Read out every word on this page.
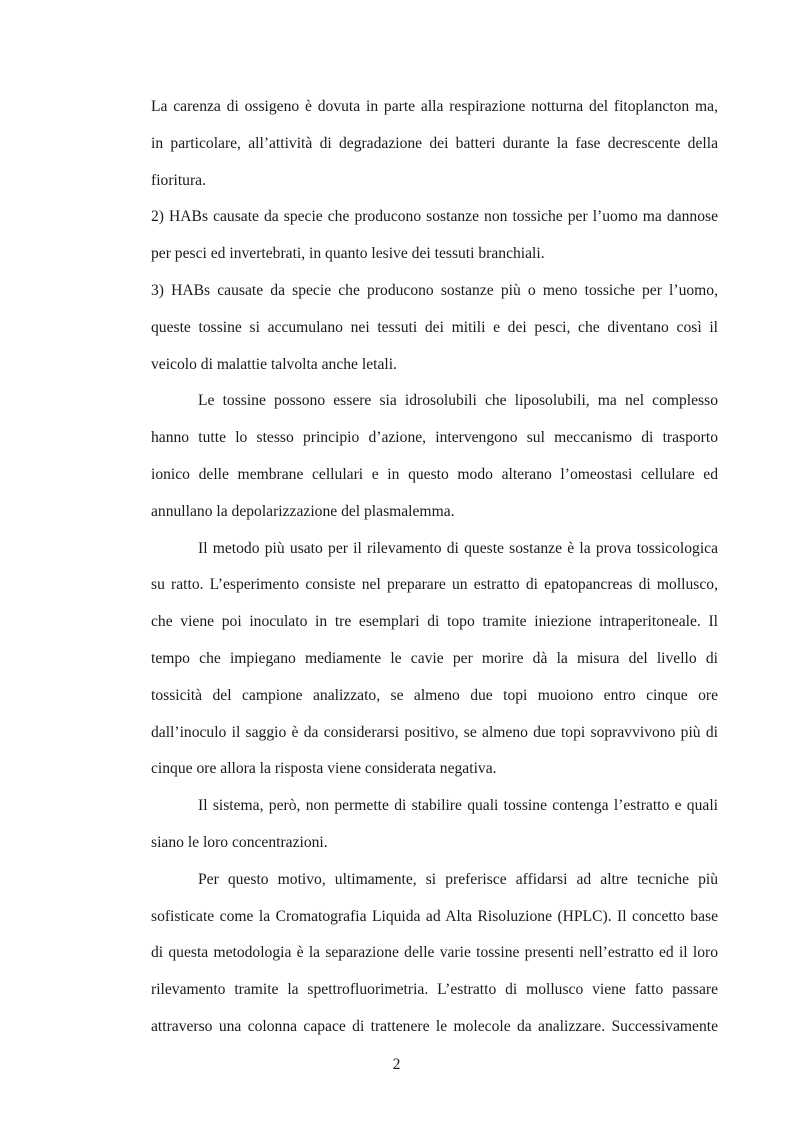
La carenza di ossigeno è dovuta in parte alla respirazione notturna del fitoplancton ma,
in particolare, all’attività di degradazione dei batteri durante la fase decrescente della
fioritura.
2) HABs causate da specie che producono sostanze non tossiche per l’uomo ma dannose
per pesci ed invertebrati, in quanto lesive dei tessuti branchiali.
3) HABs causate da specie che producono sostanze più o meno tossiche per l’uomo,
queste tossine si accumulano nei tessuti dei mitili e dei pesci, che diventano così il
veicolo di malattie talvolta anche letali.
Le tossine possono essere sia idrosolubili che liposolubili, ma nel complesso
hanno tutte lo stesso principio d’azione, intervengono sul meccanismo di trasporto
ionico delle membrane cellulari e in questo modo alterano l’omeostasi cellulare ed
annullano la depolarizzazione del plasmalemma.
Il metodo più usato per il rilevamento di queste sostanze è la prova tossicologica
su ratto. L’esperimento consiste nel preparare un estratto di epatopancreas di mollusco,
che viene poi inoculato in tre esemplari di topo tramite iniezione intraperitoneale. Il
tempo che impiegano mediamente le cavie per morire dà la misura del livello di
tossicità del campione analizzato, se almeno due topi muoiono entro cinque ore
dall’inoculo il saggio è da considerarsi positivo, se almeno due topi sopravvivono più di
cinque ore allora la risposta viene considerata negativa.
Il sistema, però, non permette di stabilire quali tossine contenga l’estratto e quali
siano le loro concentrazioni.
Per questo motivo, ultimamente, si preferisce affidarsi ad altre tecniche più
sofisticate come la Cromatografia Liquida ad Alta Risoluzione (HPLC). Il concetto base
di questa metodologia è la separazione delle varie tossine presenti nell’estratto ed il loro
rilevamento tramite la spettrofluorimetria. L’estratto di mollusco viene fatto passare
attraverso una colonna capace di trattenere le molecole da analizzare. Successivamente
2
